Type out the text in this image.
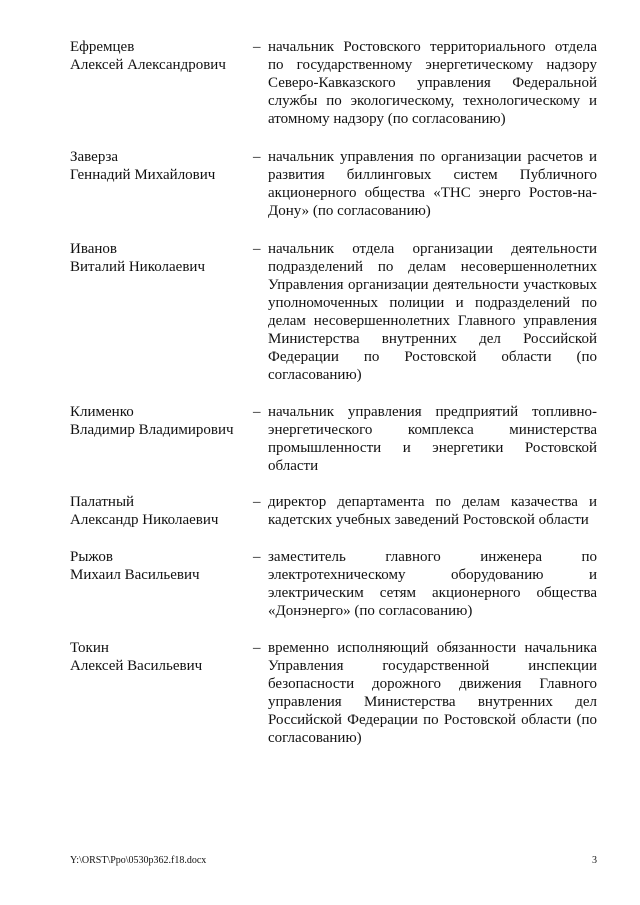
Ефремцев
Алексей Александрович
– начальник Ростовского территориального отдела по государственному энергетическому надзору Северо-Кавказского управления Федеральной службы по экологическому, технологическому и атомному надзору (по согласованию)
Заверза
Геннадий Михайлович
– начальник управления по организации расчетов и развития биллинговых систем Публичного акционерного общества «ТНС энерго Ростов-на-Дону» (по согласованию)
Иванов
Виталий Николаевич
– начальник отдела организации деятельности подразделений по делам несовершеннолетних Управления организации деятельности участковых уполномоченных полиции и подразделений по делам несовершеннолетних Главного управления Министерства внутренних дел Российской Федерации по Ростовской области (по согласованию)
Клименко
Владимир Владимирович
– начальник управления предприятий топливно-энергетического комплекса министерства промышленности и энергетики Ростовской области
Палатный
Александр Николаевич
– директор департамента по делам казачества и кадетских учебных заведений Ростовской области
Рыжов
Михаил Васильевич
– заместитель главного инженера по электротехническому оборудованию и электрическим сетям акционерного общества «Донэнерго» (по согласованию)
Токин
Алексей Васильевич
– временно исполняющий обязанности начальника Управления государственной инспекции безопасности дорожного движения Главного управления Министерства внутренних дел Российской Федерации по Ростовской области (по согласованию)
Y:\ORST\Ppo\0530p362.f18.docx	3
